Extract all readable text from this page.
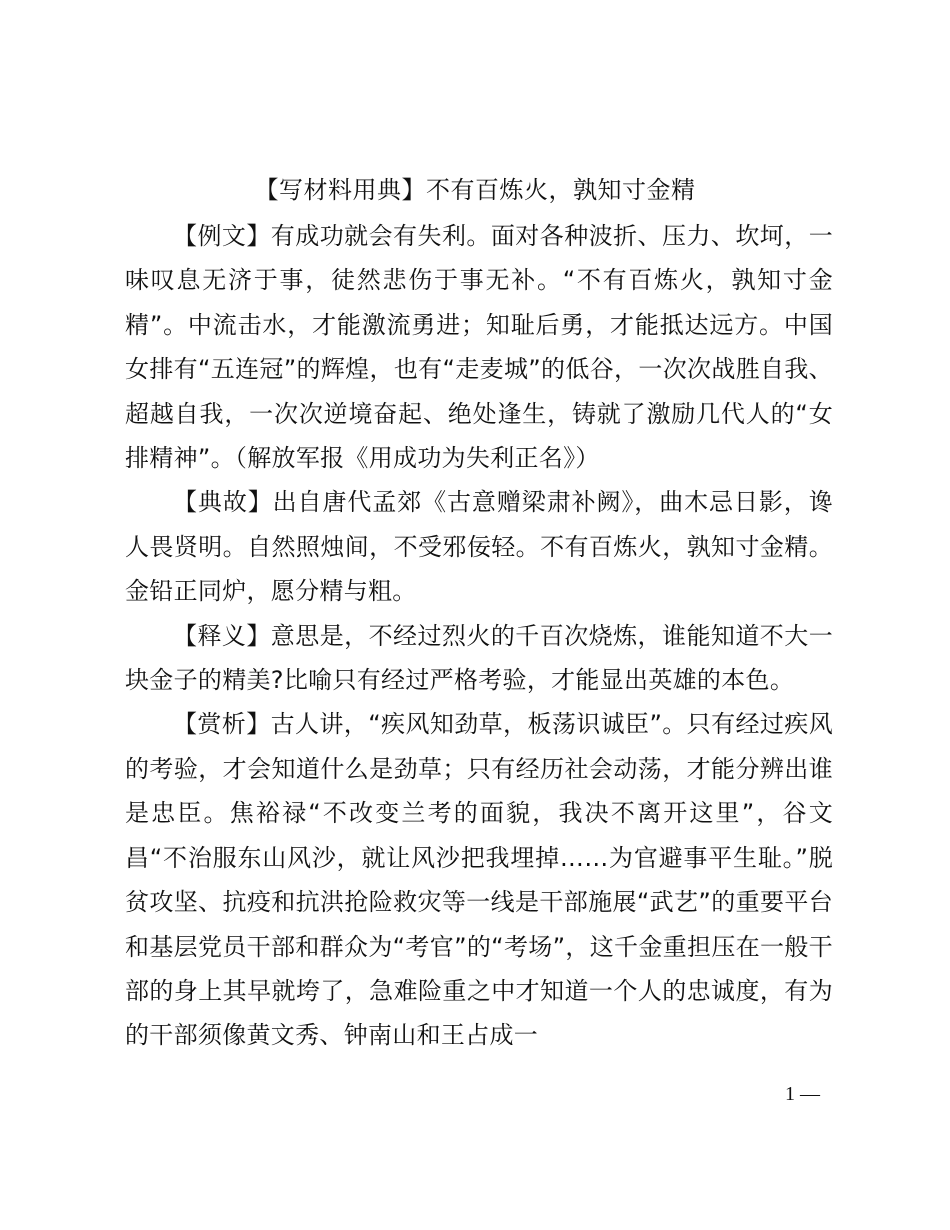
【写材料用典】不有百炼火，孰知寸金精

【例文】有成功就会有失利。面对各种波折、压力、坎坷，一味叹息无济于事，徒然悲伤于事无补。“不有百炼火，孰知寸金精”。中流击水，才能激流勇进；知耻后勇，才能抵达远方。中国女排有“五连冠”的辉煌，也有“走麦城”的低谷，一次次战胜自我、超越自我，一次次逆境奋起、绝处逢生，铸就了激励几代人的“女排精神”。（解放军报《用成功为失利正名》）

【典故】出自唐代孟郊《古意赠梁肃补阙》，曲木忌日影，谗人畏贤明。自然照烛间，不受邪佞轻。不有百炼火，孰知寸金精。金铅正同炉，愿分精与粗。

【释义】意思是，不经过烈火的千百次烧炼，谁能知道不大一块金子的精美?比喻只有经过严格考验，才能显出英雄的本色。

【赏析】古人讲，“疾风知劲草，板荡识诚臣”。只有经过疾风的考验，才会知道什么是劲草；只有经历社会动荡，才能分辨出谁是忠臣。焦裕禄“不改变兰考的面貌，我决不离开这里”，谷文昌“不治服东山风沙，就让风沙把我埋掉……为官避事平生耻。”脱贫攻坚、抗疫和抗洪抢险救灾等一线是干部施展“武艺”的重要平台和基层党员干部和群众为“考官”的“考场”，这千金重担压在一般干部的身上其早就垮了，急难险重之中才知道一个人的忠诚度，有为的干部须像黄文秀、钟南山和王占成一

1 —
